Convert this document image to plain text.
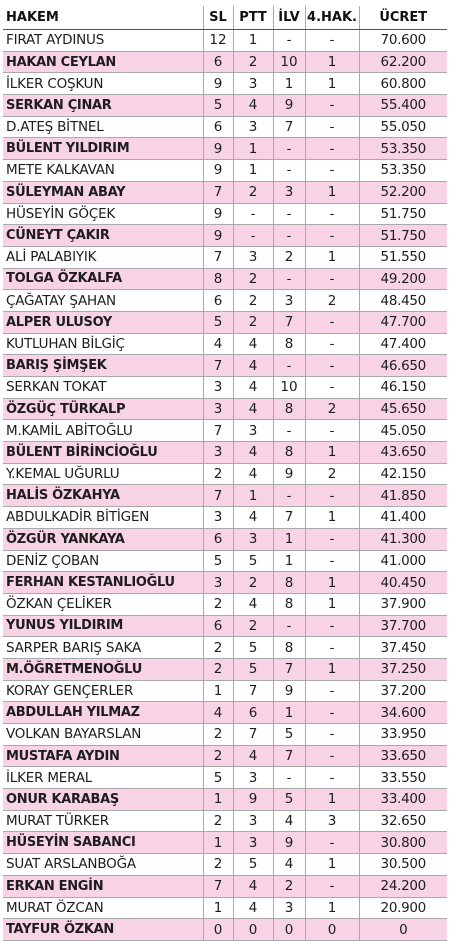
HAKEM	SL	PTT	İLV	4.HAK.	ÜCRET
FIRAT AYDINUS	12	1	-	-	70.600
HAKAN CEYLAN	6	2	10	1	62.200
İLKER COŞKUN	9	3	1	1	60.800
SERKAN ÇINAR	5	4	9	-	55.400
D.ATEŞ BİTNEL	6	3	7	-	55.050
BÜLENT YILDIRIM	9	1	-	-	53.350
METE KALKAVAN	9	1	-	-	53.350
SÜLEYMAN ABAY	7	2	3	1	52.200
HÜSEYİN GÖÇEK	9	-	-	-	51.750
CÜNEYT ÇAKIR	9	-	-	-	51.750
ALİ PALABIYIK	7	3	2	1	51.550
TOLGA ÖZKALFA	8	2	-	-	49.200
ÇAĞATAY ŞAHAN	6	2	3	2	48.450
ALPER ULUSOY	5	2	7	-	47.700
KUTLUHAN BİLGİÇ	4	4	8	-	47.400
BARIŞ ŞİMŞEK	7	4	-	-	46.650
SERKAN TOKAT	3	4	10	-	46.150
ÖZGÜÇ TÜRKALP	3	4	8	2	45.650
M.KAMİL ABİTOĞLU	7	3	-	-	45.050
BÜLENT BİRİNCİOĞLU	3	4	8	1	43.650
Y.KEMAL UĞURLU	2	4	9	2	42.150
HALİS ÖZKAHYA	7	1	-	-	41.850
ABDULKADİR BİTİGEN	3	4	7	1	41.400
ÖZGÜR YANKAYA	6	3	1	-	41.300
DENİZ ÇOBAN	5	5	1	-	41.000
FERHAN KESTANLIOĞLU	3	2	8	1	40.450
ÖZKAN ÇELİKER	2	4	8	1	37.900
YUNUS YILDIRIM	6	2	-	-	37.700
SARPER BARIŞ SAKA	2	5	8	-	37.450
M.ÖĞRETMENOĞLU	2	5	7	1	37.250
KORAY GENÇERLER	1	7	9	-	37.200
ABDULLAH YILMAZ	4	6	1	-	34.600
VOLKAN BAYARSLAN	2	7	5	-	33.950
MUSTAFA AYDIN	2	4	7	-	33.650
İLKER MERAL	5	3	-	-	33.550
ONUR KARABAŞ	1	9	5	1	33.400
MURAT TÜRKER	2	3	4	3	32.650
HÜSEYİN SABANCI	1	3	9	-	30.800
SUAT ARSLANBOĞA	2	5	4	1	30.500
ERKAN ENGİN	7	4	2	-	24.200
MURAT ÖZCAN	1	4	3	1	20.900
TAYFUR ÖZKAN	0	0	0	0	0
